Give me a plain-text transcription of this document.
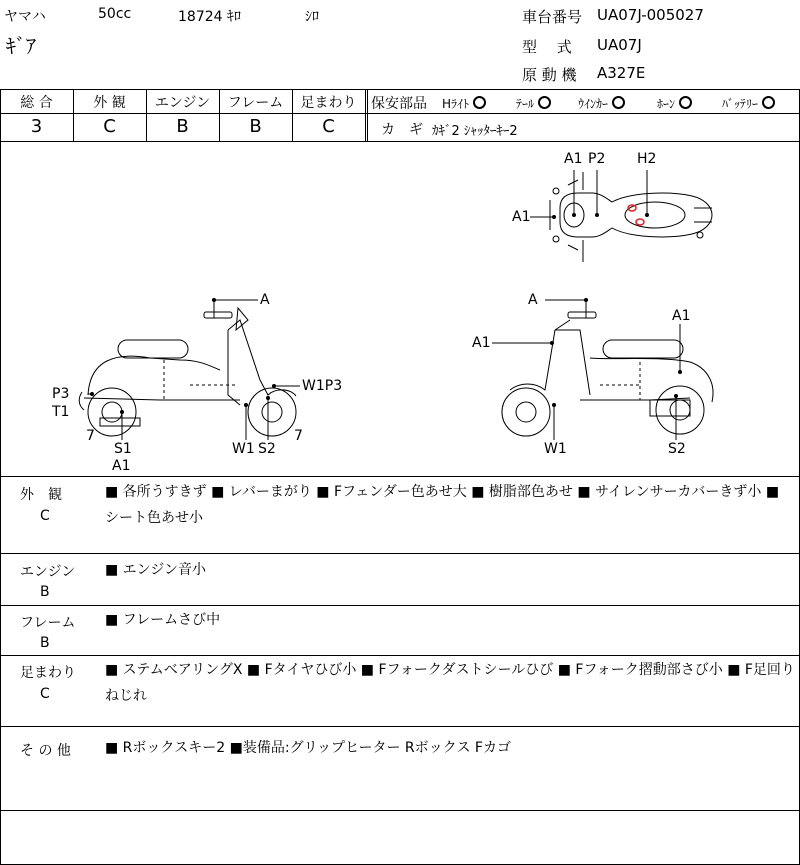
ヤマハ	50cc	18724 ｷﾛ	ｼﾛ
ｷﾞｱ
車台番号 UA07J-005027
型　 式 UA07J
原 動 機 A327E
総 合	外 観	エンジン	フレーム	足まわり
3	C	B	B	C
保安部品 Hﾗｲﾄ	ﾃｰﾙ	ｳｲﾝｶｰ	ﾎｰﾝ	ﾊﾞｯﾃﾘｰ
カ　ギ ｶｷﾞ2 ｼｬｯﾀｰｷｰ2
A1
A1 P2 H2
A
P3
T1
7
S1
A1
W1P3
W1 S2
7
A
A1
A1
W1	S2
外　観
C
■ 各所うすきず ■ レバーまがり ■ Fフェンダー色あせ大 ■ 樹脂部色あせ ■ サイレンサーカバーきず小 ■ シート色あせ小
エンジン
B
■ エンジン音小
フレーム
B
■ フレームさび中
足まわり
C
■ ステムベアリングX ■ Fタイヤひび小 ■ Fフォークダストシールひび ■ Fフォーク摺動部さび小 ■ F足回りねじれ
そ の 他 ■ Rボックスキー2 ■装備品:グリップヒーター Rボックス Fカゴ
